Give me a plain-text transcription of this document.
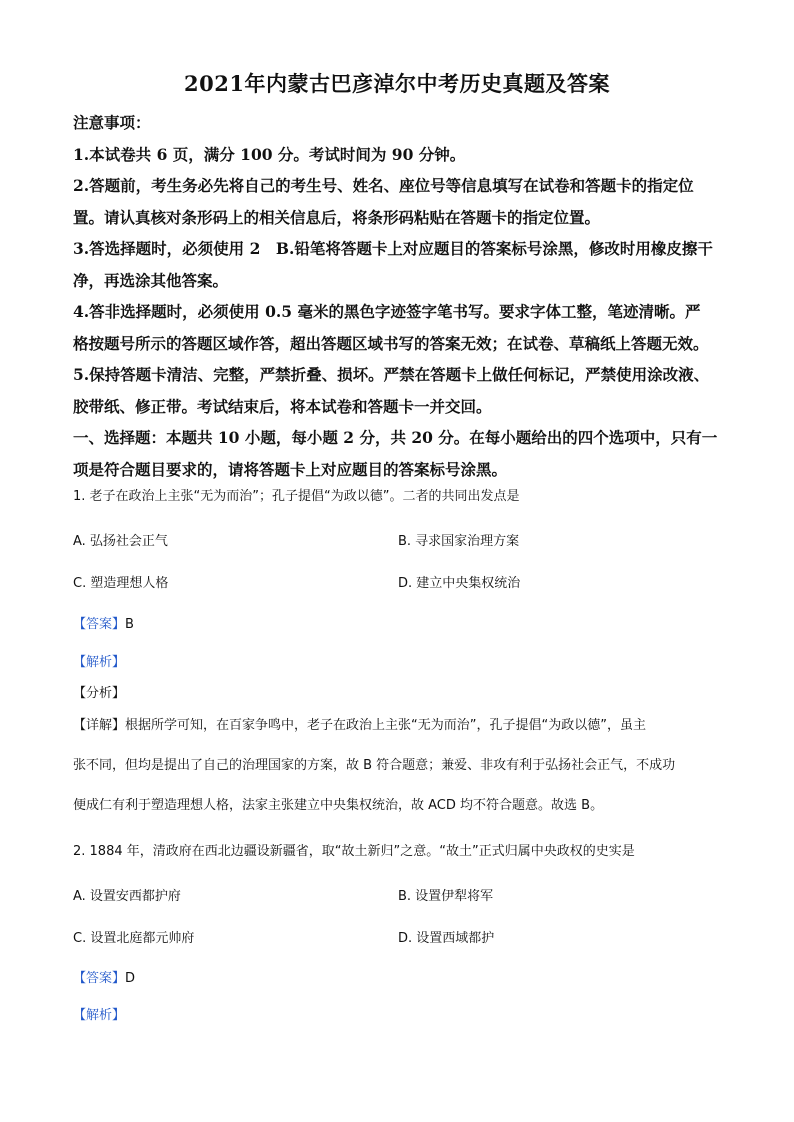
2021年内蒙古巴彦淖尔中考历史真题及答案
注意事项：
1.本试卷共 6 页，满分 100 分。考试时间为 90 分钟。
2.答题前，考生务必先将自己的考生号、姓名、座位号等信息填写在试卷和答题卡的指定位
置。请认真核对条形码上的相关信息后，将条形码粘贴在答题卡的指定位置。
3.答选择题时，必须使用 2　B.铅笔将答题卡上对应题目的答案标号涂黑，修改时用橡皮擦干
净，再选涂其他答案。
4.答非选择题时，必须使用 0.5 毫米的黑色字迹签字笔书写。要求字体工整，笔迹清晰。严
格按题号所示的答题区域作答，超出答题区域书写的答案无效；在试卷、草稿纸上答题无效。
5.保持答题卡清洁、完整，严禁折叠、损坏。严禁在答题卡上做任何标记，严禁使用涂改液、
胶带纸、修正带。考试结束后，将本试卷和答题卡一并交回。
一、选择题：本题共 10 小题，每小题 2 分，共 20 分。在每小题给出的四个选项中，只有一
项是符合题目要求的，请将答题卡上对应题目的答案标号涂黑。
1. 老子在政治上主张“无为而治”；孔子提倡“为政以德”。二者的共同出发点是
A. 弘扬社会正气	B. 寻求国家治理方案
C. 塑造理想人格	D. 建立中央集权统治
【答案】B
【解析】
【分析】
【详解】根据所学可知，在百家争鸣中，老子在政治上主张“无为而治”，孔子提倡“为政以德”，虽主
张不同，但均是提出了自己的治理国家的方案，故 B 符合题意；兼爱、非攻有利于弘扬社会正气，不成功
便成仁有利于塑造理想人格，法家主张建立中央集权统治，故 ACD 均不符合题意。故选 B。
2. 1884 年，清政府在西北边疆设新疆省，取“故土新归”之意。“故土”正式归属中央政权的史实是
A. 设置安西都护府	B. 设置伊犁将军
C. 设置北庭都元帅府	D. 设置西域都护
【答案】D
【解析】
